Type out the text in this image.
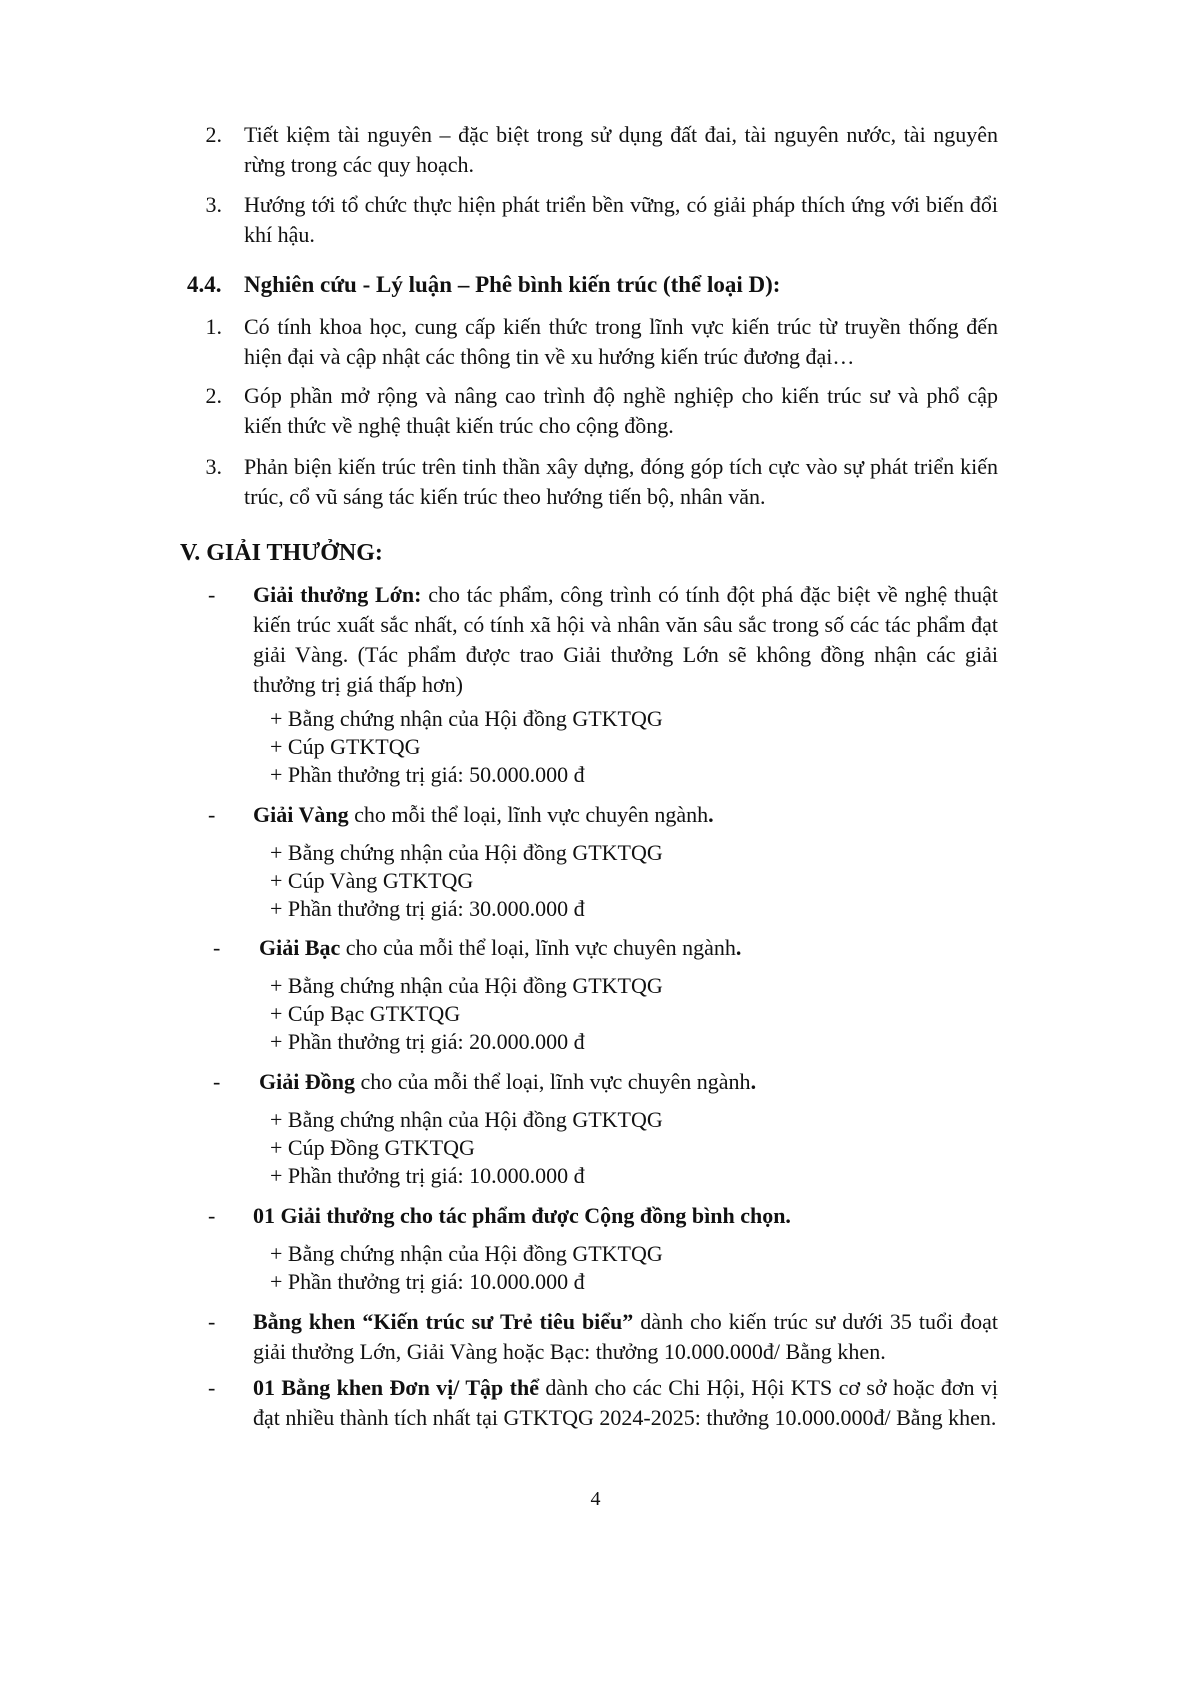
2. Tiết kiệm tài nguyên – đặc biệt trong sử dụng đất đai, tài nguyên nước, tài nguyên rừng trong các quy hoạch.
3. Hướng tới tổ chức thực hiện phát triển bền vững, có giải pháp thích ứng với biến đổi khí hậu.
4.4. Nghiên cứu - Lý luận – Phê bình kiến trúc (thể loại D):
1. Có tính khoa học, cung cấp kiến thức trong lĩnh vực kiến trúc từ truyền thống đến hiện đại và cập nhật các thông tin về xu hướng kiến trúc đương đại…
2. Góp phần mở rộng và nâng cao trình độ nghề nghiệp cho kiến trúc sư và phổ cập kiến thức về nghệ thuật kiến trúc cho cộng đồng.
3. Phản biện kiến trúc trên tinh thần xây dựng, đóng góp tích cực vào sự phát triển kiến trúc, cổ vũ sáng tác kiến trúc theo hướng tiến bộ, nhân văn.
V. GIẢI THƯỞNG:
- Giải thưởng Lớn: cho tác phẩm, công trình có tính đột phá đặc biệt về nghệ thuật kiến trúc xuất sắc nhất, có tính xã hội và nhân văn sâu sắc trong số các tác phẩm đạt giải Vàng. (Tác phẩm được trao Giải thưởng Lớn sẽ không đồng nhận các giải thưởng trị giá thấp hơn)
+ Bằng chứng nhận của Hội đồng GTKTQG
+ Cúp GTKTQG
+ Phần thưởng trị giá: 50.000.000 đ
- Giải Vàng cho mỗi thể loại, lĩnh vực chuyên ngành.
+ Bằng chứng nhận của Hội đồng GTKTQG
+ Cúp Vàng GTKTQG
+ Phần thưởng trị giá: 30.000.000 đ
- Giải Bạc cho của mỗi thể loại, lĩnh vực chuyên ngành.
+ Bằng chứng nhận của Hội đồng GTKTQG
+ Cúp Bạc GTKTQG
+ Phần thưởng trị giá: 20.000.000 đ
- Giải Đồng cho của mỗi thể loại, lĩnh vực chuyên ngành.
+ Bằng chứng nhận của Hội đồng GTKTQG
+ Cúp Đồng GTKTQG
+ Phần thưởng trị giá: 10.000.000 đ
- 01 Giải thưởng cho tác phẩm được Cộng đồng bình chọn.
+ Bằng chứng nhận của Hội đồng GTKTQG
+ Phần thưởng trị giá: 10.000.000 đ
- Bằng khen “Kiến trúc sư Trẻ tiêu biểu” dành cho kiến trúc sư dưới 35 tuổi đoạt giải thưởng Lớn, Giải Vàng hoặc Bạc: thưởng 10.000.000đ/ Bằng khen.
- 01 Bằng khen Đơn vị/ Tập thể dành cho các Chi Hội, Hội KTS cơ sở hoặc đơn vị đạt nhiều thành tích nhất tại GTKTQG 2024-2025: thưởng 10.000.000đ/ Bằng khen.
4
